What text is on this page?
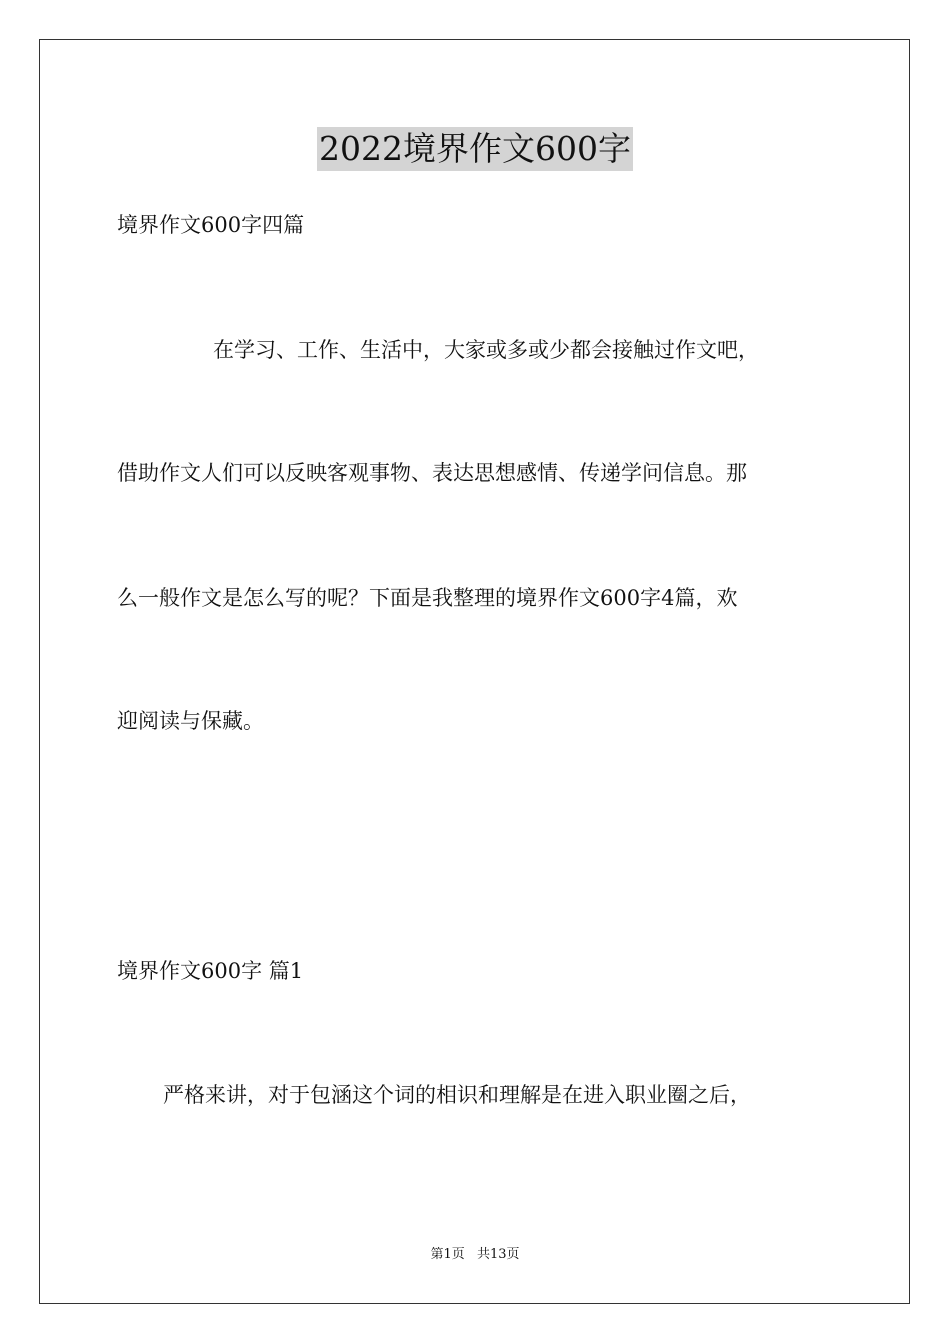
2022境界作文600字
境界作文600字四篇
在学习、工作、生活中，大家或多或少都会接触过作文吧，
借助作文人们可以反映客观事物、表达思想感情、传递学问信息。那
么一般作文是怎么写的呢？下面是我整理的境界作文600字4篇，欢
迎阅读与保藏。
境界作文600字 篇1
严格来讲，对于包涵这个词的相识和理解是在进入职业圈之后，
第1页 共13页
